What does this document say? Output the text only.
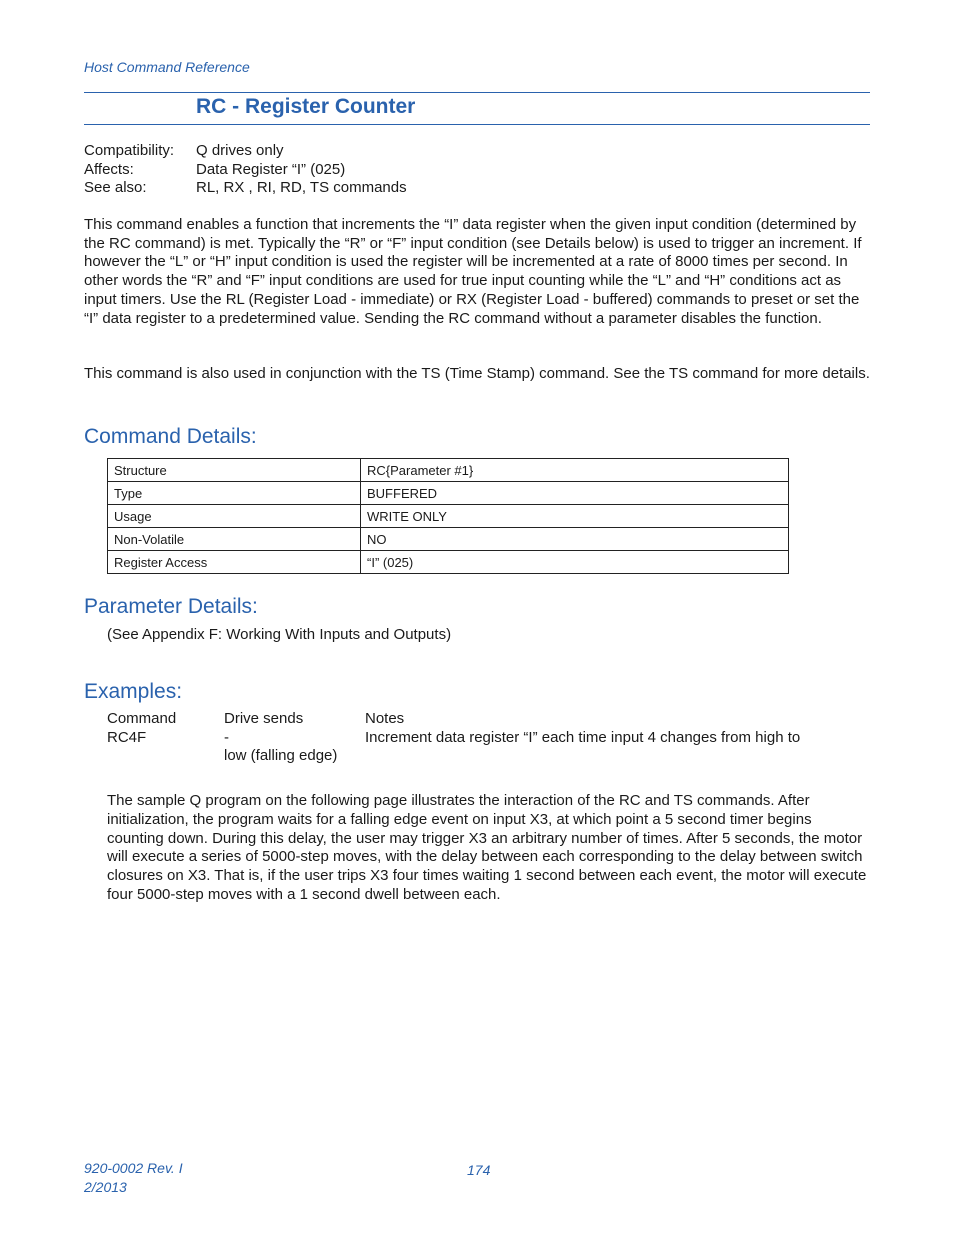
Host Command Reference
RC - Register Counter
Compatibility:	Q drives only
Affects:	Data Register “I” (025)
See also:	RL, RX , RI, RD, TS commands
This command enables a function that increments the “I” data register when the given input condition (determined by the RC command) is met. Typically the “R” or “F” input condition (see Details below) is used to trigger an increment. If however the “L” or “H” input condition is used the register will be incremented at a rate of 8000 times per second. In other words the “R” and “F” input conditions are used for true input counting while the “L” and “H” conditions act as input timers. Use the RL (Register Load - immediate) or RX (Register Load - buffered) commands to preset or set the “I” data register to a predetermined value. Sending the RC command without a parameter disables the function.
This command is also used in conjunction with the TS (Time Stamp) command. See the TS command for more details.
Command Details:
Structure	RC{Parameter #1}
Type	BUFFERED
Usage	WRITE ONLY
Non-Volatile	NO
Register Access	“I” (025)
Parameter Details:
(See Appendix F: Working With Inputs and Outputs)
Examples:
Command	Drive sends	Notes
RC4F	-	Increment data register “I” each time input 4 changes from high to
low (falling edge)
The sample Q program on the following page illustrates the interaction of the RC and TS commands. After initialization, the program waits for a falling edge event on input X3, at which point a 5 second timer begins counting down. During this delay, the user may trigger X3 an arbitrary number of times. After 5 seconds, the motor will execute a series of 5000-step moves, with the delay between each corresponding to the delay between switch closures on X3. That is, if the user trips X3 four times waiting 1 second between each event, the motor will execute four 5000-step moves with a 1 second dwell between each.
920-0002 Rev. I
2/2013
174
